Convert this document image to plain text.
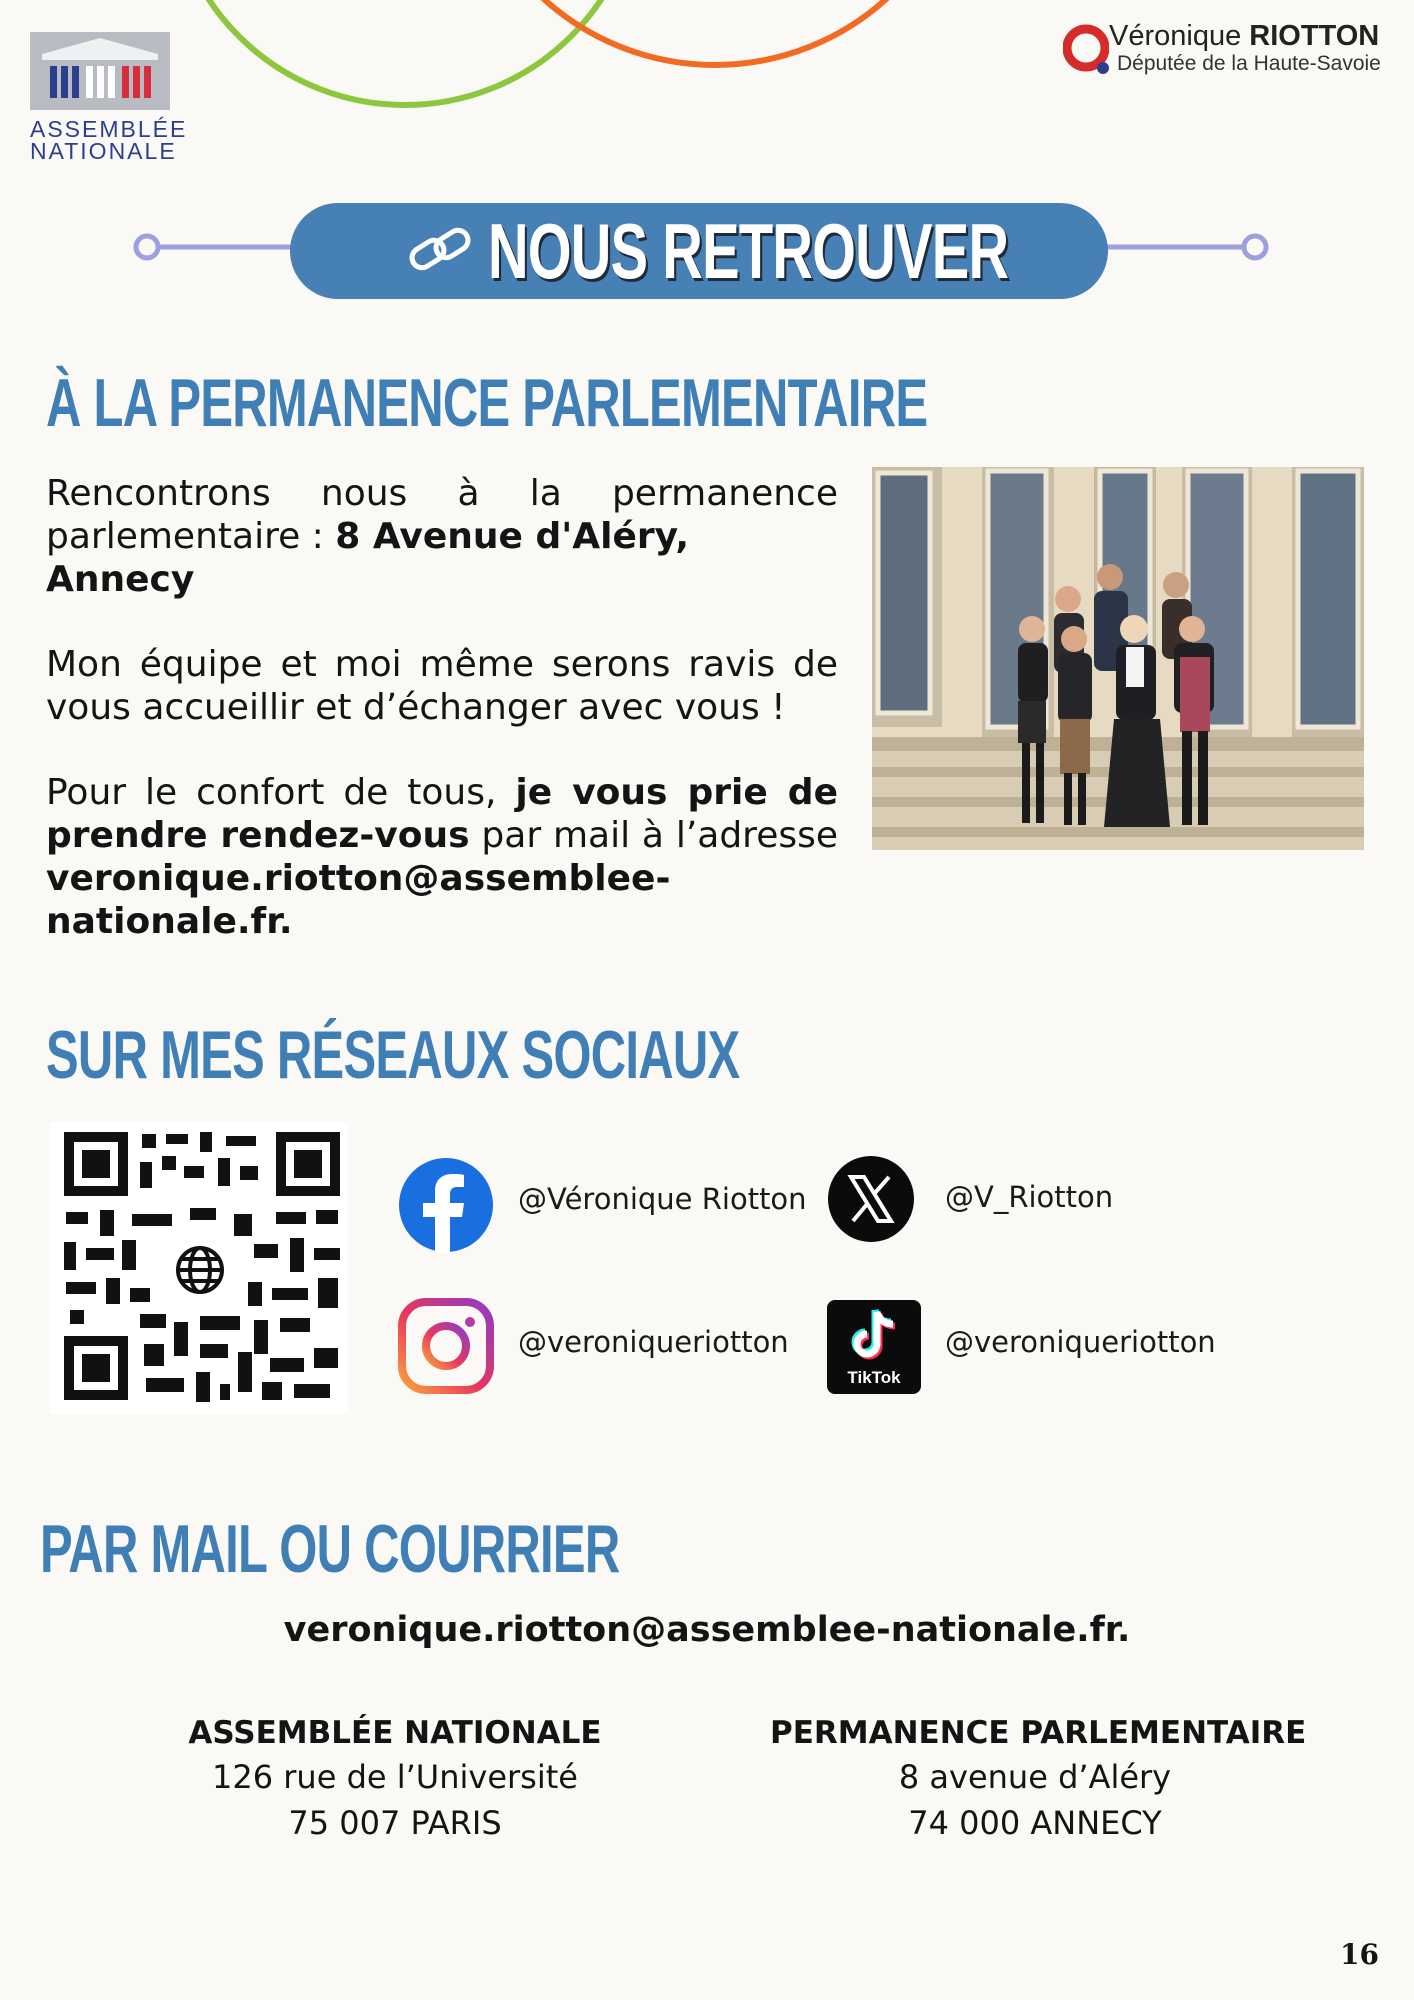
ASSEMBLÉE
NATIONALE
Véronique RIOTTON
Députée de la Haute-Savoie
NOUS RETROUVER
À LA PERMANENCE PARLEMENTAIRE
Rencontrons nous à la permanence
parlementaire : 8 Avenue d'Aléry, Annecy
Mon équipe et moi même serons ravis de vous accueillir et d’échanger avec vous !
Pour le confort de tous, je vous prie de prendre rendez-vous par mail à l’adresse veronique.riotton@assemblee-nationale.fr.
SUR MES RÉSEAUX SOCIAUX
@Véronique Riotton	@V_Riotton
@veroniqueriotton
TikTok
@veroniqueriotton
PAR MAIL OU COURRIER
veronique.riotton@assemblee-nationale.fr.
ASSEMBLÉE NATIONALE
126 rue de l’Université
75 007 PARIS
PERMANENCE PARLEMENTAIRE
8 avenue d’Aléry
74 000 ANNECY
16
